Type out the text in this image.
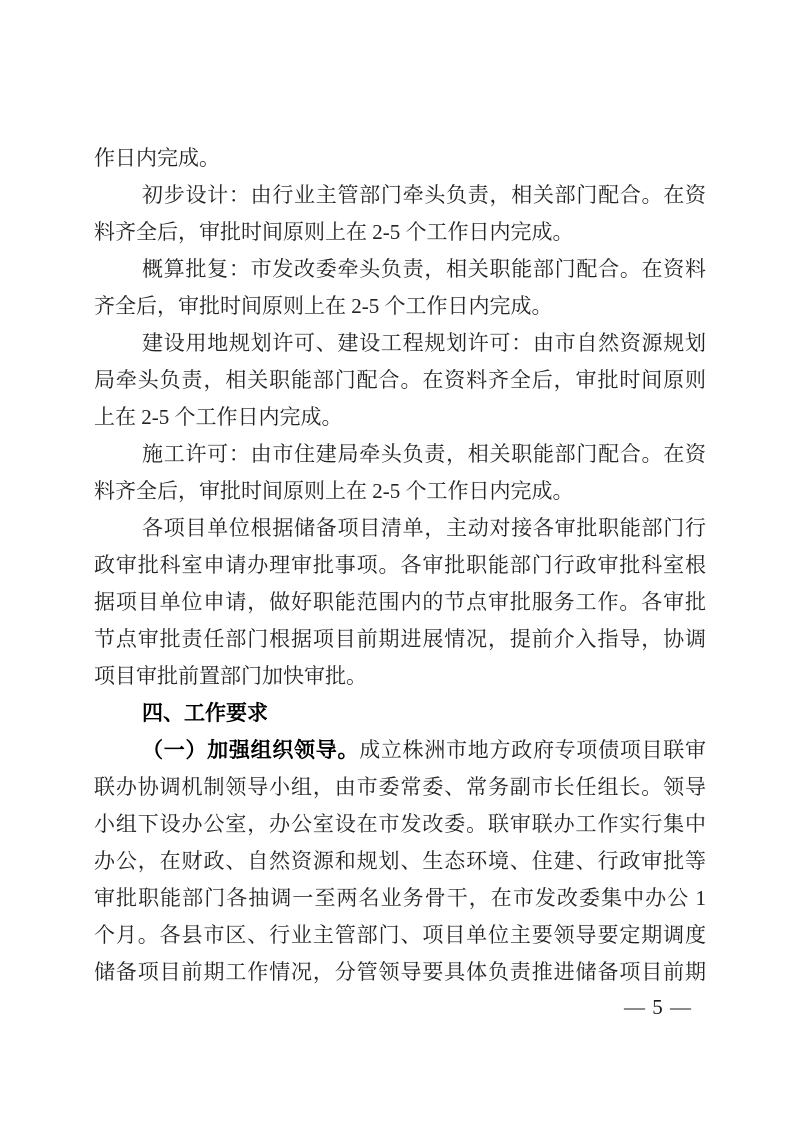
作日内完成。
初步设计：由行业主管部门牵头负责，相关部门配合。在资
料齐全后，审批时间原则上在 2-5 个工作日内完成。
概算批复：市发改委牵头负责，相关职能部门配合。在资料
齐全后，审批时间原则上在 2-5 个工作日内完成。
建设用地规划许可、建设工程规划许可：由市自然资源规划
局牵头负责，相关职能部门配合。在资料齐全后，审批时间原则
上在 2-5 个工作日内完成。
施工许可：由市住建局牵头负责，相关职能部门配合。在资
料齐全后，审批时间原则上在 2-5 个工作日内完成。
各项目单位根据储备项目清单，主动对接各审批职能部门行
政审批科室申请办理审批事项。各审批职能部门行政审批科室根
据项目单位申请，做好职能范围内的节点审批服务工作。各审批
节点审批责任部门根据项目前期进展情况，提前介入指导，协调
项目审批前置部门加快审批。
四、工作要求
（一）加强组织领导。成立株洲市地方政府专项债项目联审
联办协调机制领导小组，由市委常委、常务副市长任组长。领导
小组下设办公室，办公室设在市发改委。联审联办工作实行集中
办公，在财政、自然资源和规划、生态环境、住建、行政审批等
审批职能部门各抽调一至两名业务骨干，在市发改委集中办公 1
个月。各县市区、行业主管部门、项目单位主要领导要定期调度
储备项目前期工作情况，分管领导要具体负责推进储备项目前期
— 5 —
